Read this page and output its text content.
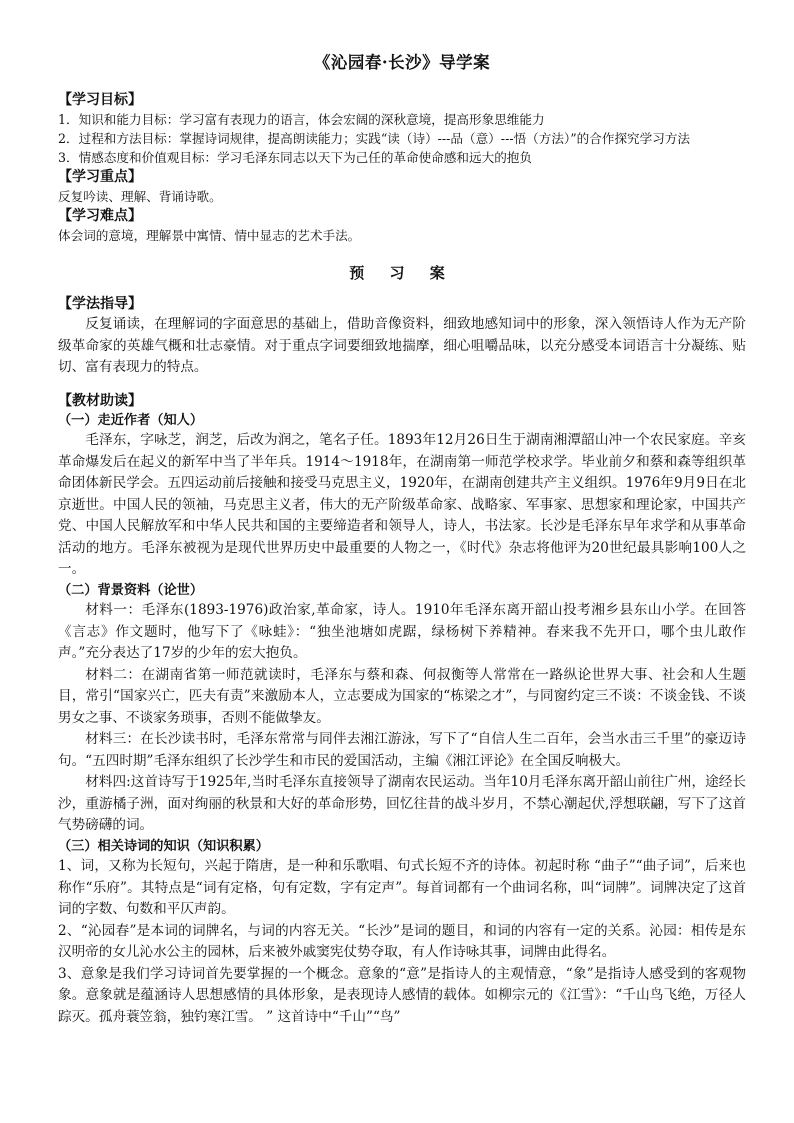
《沁园春·长沙》导学案
【学习目标】
1．知识和能力目标：学习富有表现力的语言，体会宏阔的深秋意境，提高形象思维能力
2．过程和方法目标：掌握诗词规律，提高朗读能力；实践“读（诗）---品（意）---悟（方法）”的合作探究学习方法
3．情感态度和价值观目标：学习毛泽东同志以天下为己任的革命使命感和远大的抱负
【学习重点】
反复吟读、理解、背诵诗歌。
【学习难点】
体会词的意境，理解景中寓情、情中显志的艺术手法。
预 习 案
【学法指导】
反复诵读，在理解词的字面意思的基础上，借助音像资料，细致地感知词中的形象，深入领悟诗人作为无产阶级革命家的英雄气概和壮志豪情。对于重点字词要细致地揣摩，细心咀嚼品味，以充分感受本词语言十分凝练、贴切、富有表现力的特点。
【教材助读】
（一）走近作者（知人）
毛泽东，字咏芝，润芝，后改为润之，笔名子任。1893年12月26日生于湖南湘潭韶山冲一个农民家庭。辛亥革命爆发后在起义的新军中当了半年兵。1914～1918年，在湖南第一师范学校求学。毕业前夕和蔡和森等组织革命团体新民学会。五四运动前后接触和接受马克思主义，1920年，在湖南创建共产主义组织。1976年9月9日在北京逝世。中国人民的领袖，马克思主义者，伟大的无产阶级革命家、战略家、军事家、思想家和理论家，中国共产党、中国人民解放军和中华人民共和国的主要缔造者和领导人，诗人，书法家。长沙是毛泽东早年求学和从事革命活动的地方。毛泽东被视为是现代世界历史中最重要的人物之一，《时代》杂志将他评为20世纪最具影响100人之一。
（二）背景资料（论世）
材料一：毛泽东(1893-1976)政治家,革命家，诗人。1910年毛泽东离开韶山投考湘乡县东山小学。在回答《言志》作文题时，他写下了《咏蛙》：“独坐池塘如虎踞，绿杨树下养精神。春来我不先开口，哪个虫儿敢作声。”充分表达了17岁的少年的宏大抱负。
材料二：在湖南省第一师范就读时，毛泽东与蔡和森、何叔衡等人常常在一路纵论世界大事、社会和人生题目，常引“国家兴亡，匹夫有责”来激励本人，立志要成为国家的“栋梁之才”，与同窗约定三不谈：不谈金钱、不谈男女之事、不谈家务琐事，否则不能做挚友。
材料三：在长沙读书时，毛泽东常常与同伴去湘江游泳，写下了“自信人生二百年，会当水击三千里”的豪迈诗句。“五四时期”毛泽东组织了长沙学生和市民的爱国活动，主编《湘江评论》在全国反响极大。
材料四:这首诗写于1925年,当时毛泽东直接领导了湖南农民运动。当年10月毛泽东离开韶山前往广州，途经长沙，重游橘子洲，面对绚丽的秋景和大好的革命形势，回忆往昔的战斗岁月，不禁心潮起伏,浮想联翩，写下了这首气势磅礴的词。
（三）相关诗词的知识（知识积累）
1、词，又称为长短句，兴起于隋唐，是一种和乐歌唱、句式长短不齐的诗体。初起时称 “曲子”“曲子词”，后来也称作“乐府”。其特点是“词有定格，句有定数，字有定声”。每首词都有一个曲词名称，叫“词牌”。词牌决定了这首词的字数、句数和平仄声韵。
2、“沁园春”是本词的词牌名，与词的内容无关。“长沙”是词的题目，和词的内容有一定的关系。沁园：相传是东汉明帝的女儿沁水公主的园林，后来被外戚窦宪仗势夺取，有人作诗咏其事，词牌由此得名。
3、意象是我们学习诗词首先要掌握的一个概念。意象的“意”是指诗人的主观情意，“象”是指诗人感受到的客观物象。意象就是蕴涵诗人思想感情的具体形象，是表现诗人感情的载体。如柳宗元的《江雪》：“千山鸟飞绝，万径人踪灭。孤舟蓑笠翁，独钓寒江雪。 ” 这首诗中“千山”“鸟”
